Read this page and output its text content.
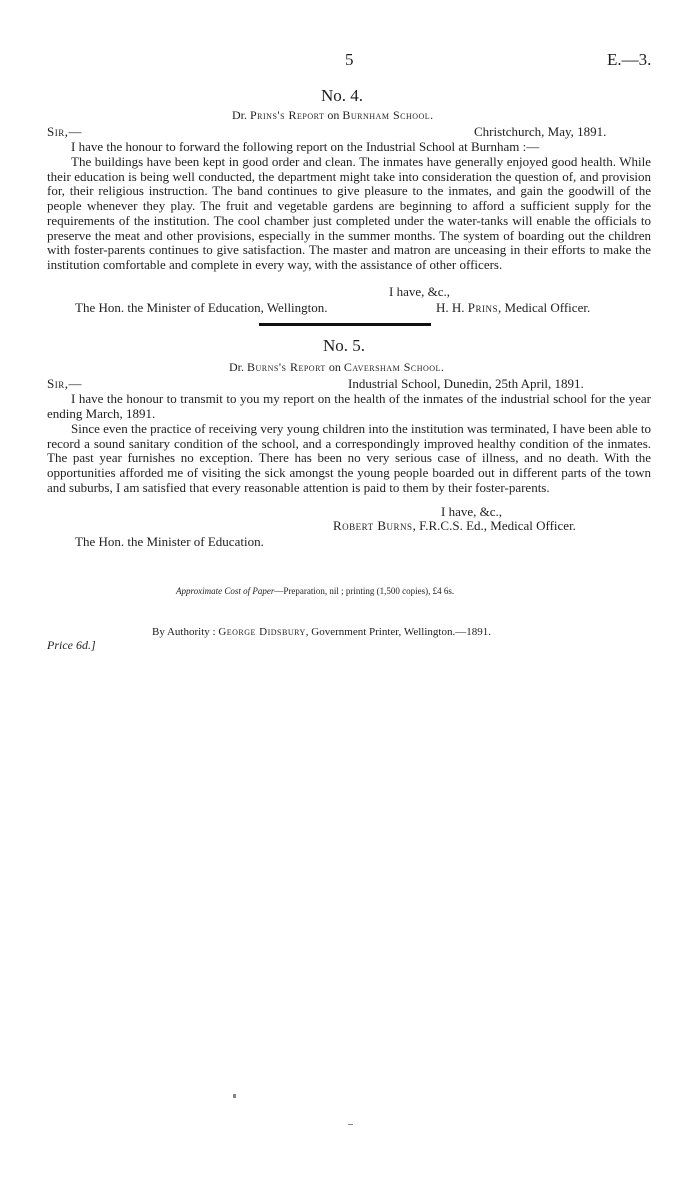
5	E.—3.
No. 4.
Dr. Prins's Report on Burnham School.
Sir,—	Christchurch, May, 1891.
I have the honour to forward the following report on the Industrial School at Burnham :—
The buildings have been kept in good order and clean. The inmates have generally enjoyed good health. While their education is being well conducted, the department might take into consideration the question of, and provision for, their religious instruction. The band continues to give pleasure to the inmates, and gain the goodwill of the people whenever they play. The fruit and vegetable gardens are beginning to afford a sufficient supply for the requirements of the institution. The cool chamber just completed under the water-tanks will enable the officials to preserve the meat and other provisions, especially in the summer months. The system of boarding out the children with foster-parents continues to give satisfaction. The master and matron are unceasing in their efforts to make the institution comfortable and complete in every way, with the assistance of other officers.
I have, &c.,
The Hon. the Minister of Education, Wellington.	H. H. Prins, Medical Officer.
No. 5.
Dr. Burns's Report on Caversham School.
Sir,—	Industrial School, Dunedin, 25th April, 1891.
I have the honour to transmit to you my report on the health of the inmates of the industrial school for the year ending March, 1891.
Since even the practice of receiving very young children into the institution was terminated, I have been able to record a sound sanitary condition of the school, and a correspondingly improved healthy condition of the inmates. The past year furnishes no exception. There has been no very serious case of illness, and no death. With the opportunities afforded me of visiting the sick amongst the young people boarded out in different parts of the town and suburbs, I am satisfied that every reasonable attention is paid to them by their foster-parents.
I have, &c.,
Robert Burns, F.R.C.S. Ed., Medical Officer.
The Hon. the Minister of Education.
Approximate Cost of Paper—Preparation, nil ; printing (1,500 copies), £4 6s.
By Authority : George Didsbury, Government Printer, Wellington.—1891.
Price 6d.]
